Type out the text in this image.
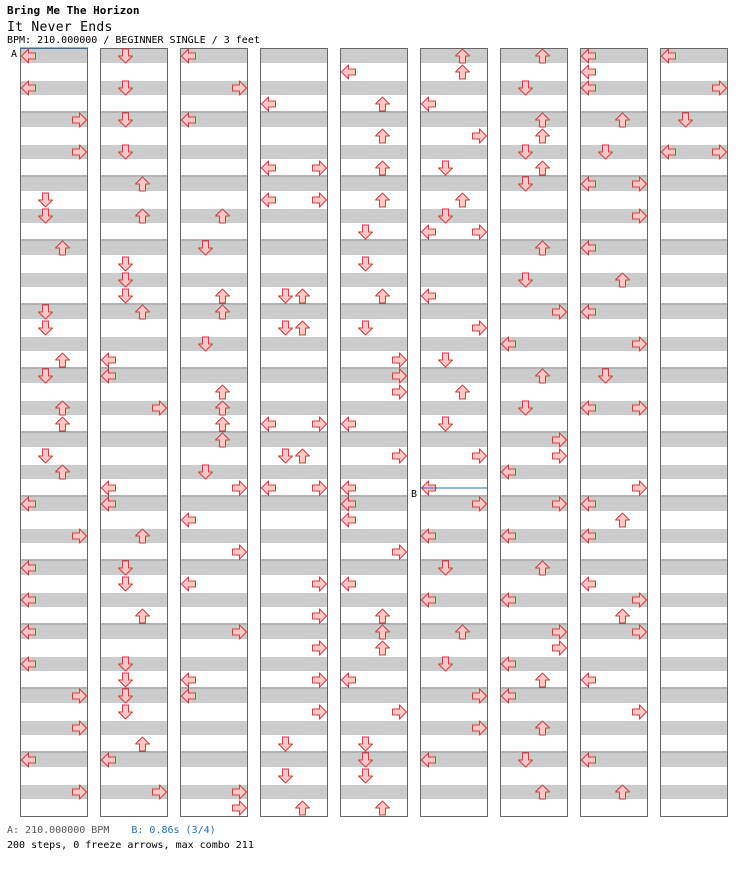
Bring Me The Horizon
It Never Ends
BPM: 210.000000 / BEGINNER SINGLE / 3 feet
A
B
A: 210.000000 BPM B: 0.86s (3/4)
200 steps, 0 freeze arrows, max combo 211
